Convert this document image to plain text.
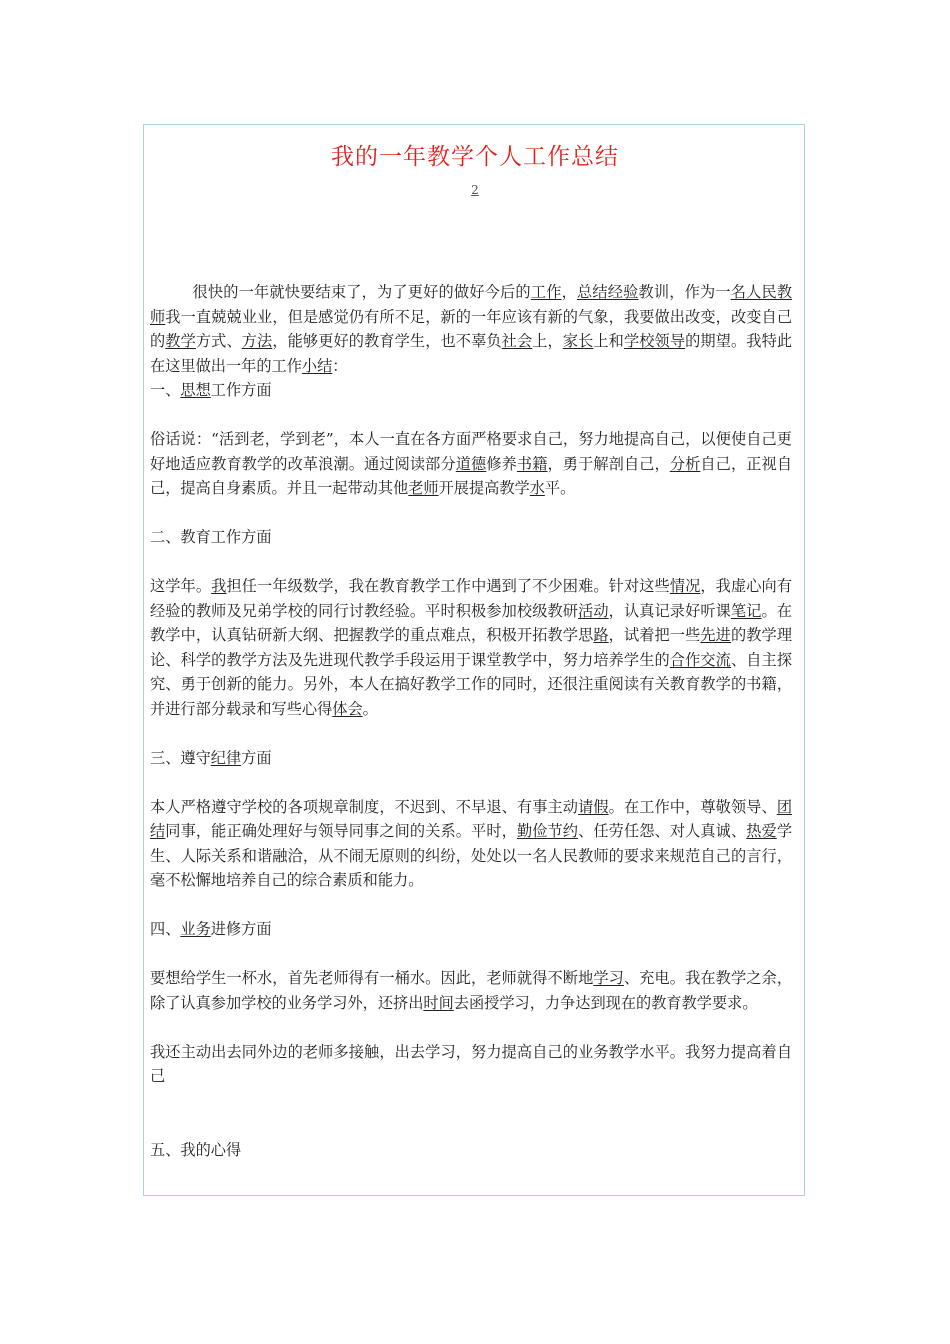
我的一年教学个人工作总结
2

很快的一年就快要结束了，为了更好的做好今后的工作，总结经验教训，作为一名人民教师我一直兢兢业业，但是感觉仍有所不足，新的一年应该有新的气象，我要做出改变，改变自己的教学方式、方法，能够更好的教育学生，也不辜负社会上，家长上和学校领导的期望。我特此在这里做出一年的工作小结：

一、思想工作方面

俗话说：“活到老，学到老”，本人一直在各方面严格要求自己，努力地提高自己，以便使自己更好地适应教育教学的改革浪潮。通过阅读部分道德修养书籍，勇于解剖自己，分析自己，正视自己，提高自身素质。并且一起带动其他老师开展提高教学水平。

二、教育工作方面

这学年。我担任一年级数学，我在教育教学工作中遇到了不少困难。针对这些情况，我虚心向有经验的教师及兄弟学校的同行讨教经验。平时积极参加校级教研活动，认真记录好听课笔记。在教学中，认真钻研新大纲、把握教学的重点难点，积极开拓教学思路，试着把一些先进的教学理论、科学的教学方法及先进现代教学手段运用于课堂教学中，努力培养学生的合作交流、自主探究、勇于创新的能力。另外，本人在搞好教学工作的同时，还很注重阅读有关教育教学的书籍，并进行部分载录和写些心得体会。

三、遵守纪律方面

本人严格遵守学校的各项规章制度，不迟到、不早退、有事主动请假。在工作中，尊敬领导、团结同事，能正确处理好与领导同事之间的关系。平时，勤俭节约、任劳任怨、对人真诚、热爱学生、人际关系和谐融洽，从不闹无原则的纠纷，处处以一名人民教师的要求来规范自己的言行，毫不松懈地培养自己的综合素质和能力。

四、业务进修方面

要想给学生一杯水，首先老师得有一桶水。因此，老师就得不断地学习、充电。我在教学之余，除了认真参加学校的业务学习外，还挤出时间去函授学习，力争达到现在的教育教学要求。

我还主动出去同外边的老师多接触，出去学习，努力提高自己的业务教学水平。我努力提高着自己

五、我的心得
